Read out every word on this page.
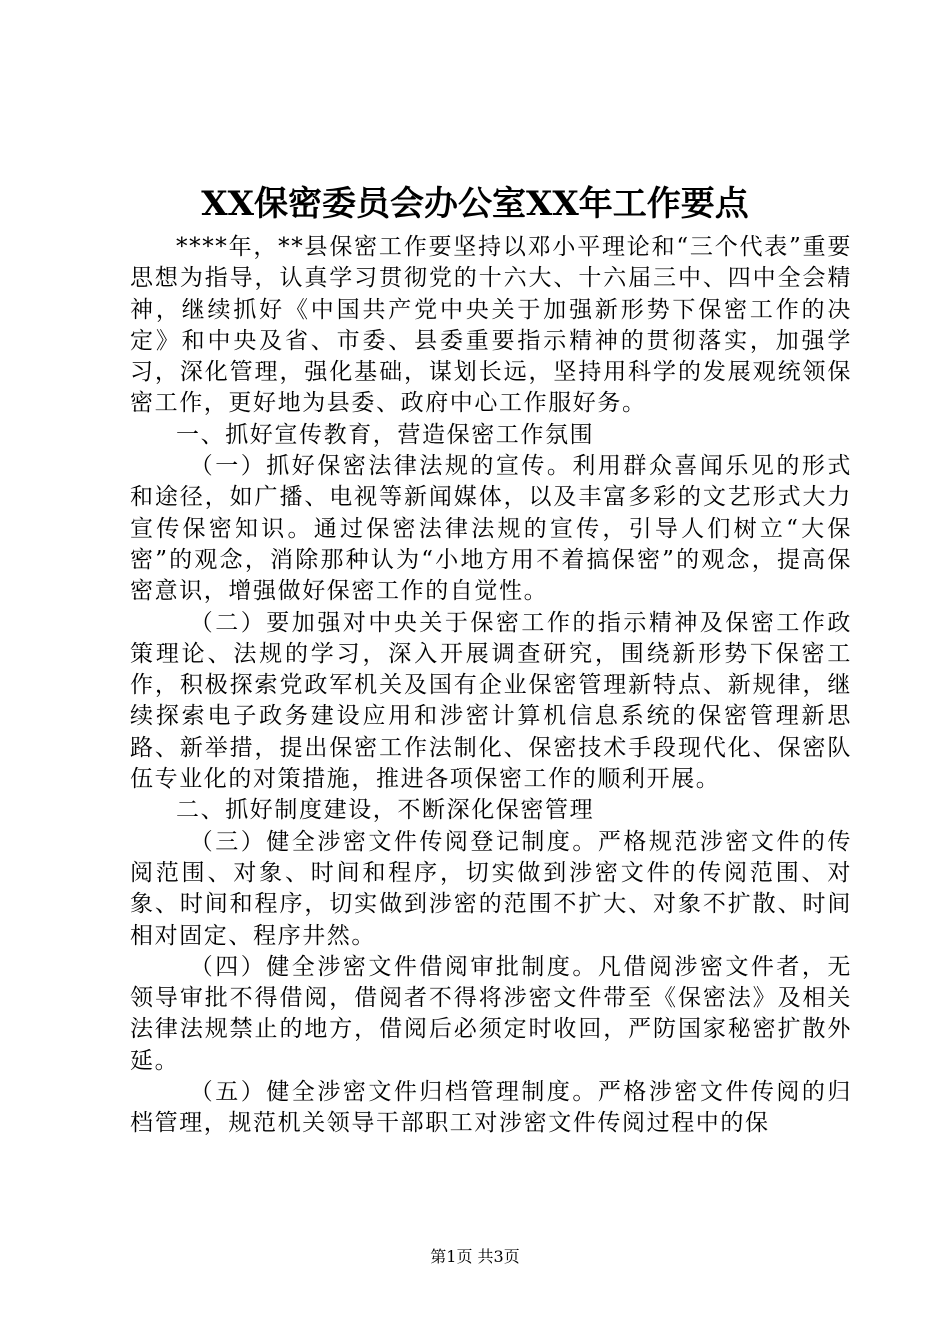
XX保密委员会办公室XX年工作要点

****年，**县保密工作要坚持以邓小平理论和“三个代表”重要思想为指导，认真学习贯彻党的十六大、十六届三中、四中全会精神，继续抓好《中国共产党中央关于加强新形势下保密工作的决定》和中央及省、市委、县委重要指示精神的贯彻落实，加强学习，深化管理，强化基础，谋划长远，坚持用科学的发展观统领保密工作，更好地为县委、政府中心工作服好务。

一、抓好宣传教育，营造保密工作氛围

（一）抓好保密法律法规的宣传。利用群众喜闻乐见的形式和途径，如广播、电视等新闻媒体，以及丰富多彩的文艺形式大力宣传保密知识。通过保密法律法规的宣传，引导人们树立“大保密”的观念，消除那种认为“小地方用不着搞保密”的观念，提高保密意识，增强做好保密工作的自觉性。

（二）要加强对中央关于保密工作的指示精神及保密工作政策理论、法规的学习，深入开展调查研究，围绕新形势下保密工作，积极探索党政军机关及国有企业保密管理新特点、新规律，继续探索电子政务建设应用和涉密计算机信息系统的保密管理新思路、新举措，提出保密工作法制化、保密技术手段现代化、保密队伍专业化的对策措施，推进各项保密工作的顺利开展。

二、抓好制度建设，不断深化保密管理

（三）健全涉密文件传阅登记制度。严格规范涉密文件的传阅范围、对象、时间和程序，切实做到涉密文件的传阅范围、对象、时间和程序，切实做到涉密的范围不扩大、对象不扩散、时间相对固定、程序井然。

（四）健全涉密文件借阅审批制度。凡借阅涉密文件者，无领导审批不得借阅，借阅者不得将涉密文件带至《保密法》及相关法律法规禁止的地方，借阅后必须定时收回，严防国家秘密扩散外延。

（五）健全涉密文件归档管理制度。严格涉密文件传阅的归档管理，规范机关领导干部职工对涉密文件传阅过程中的保

第1页 共3页
